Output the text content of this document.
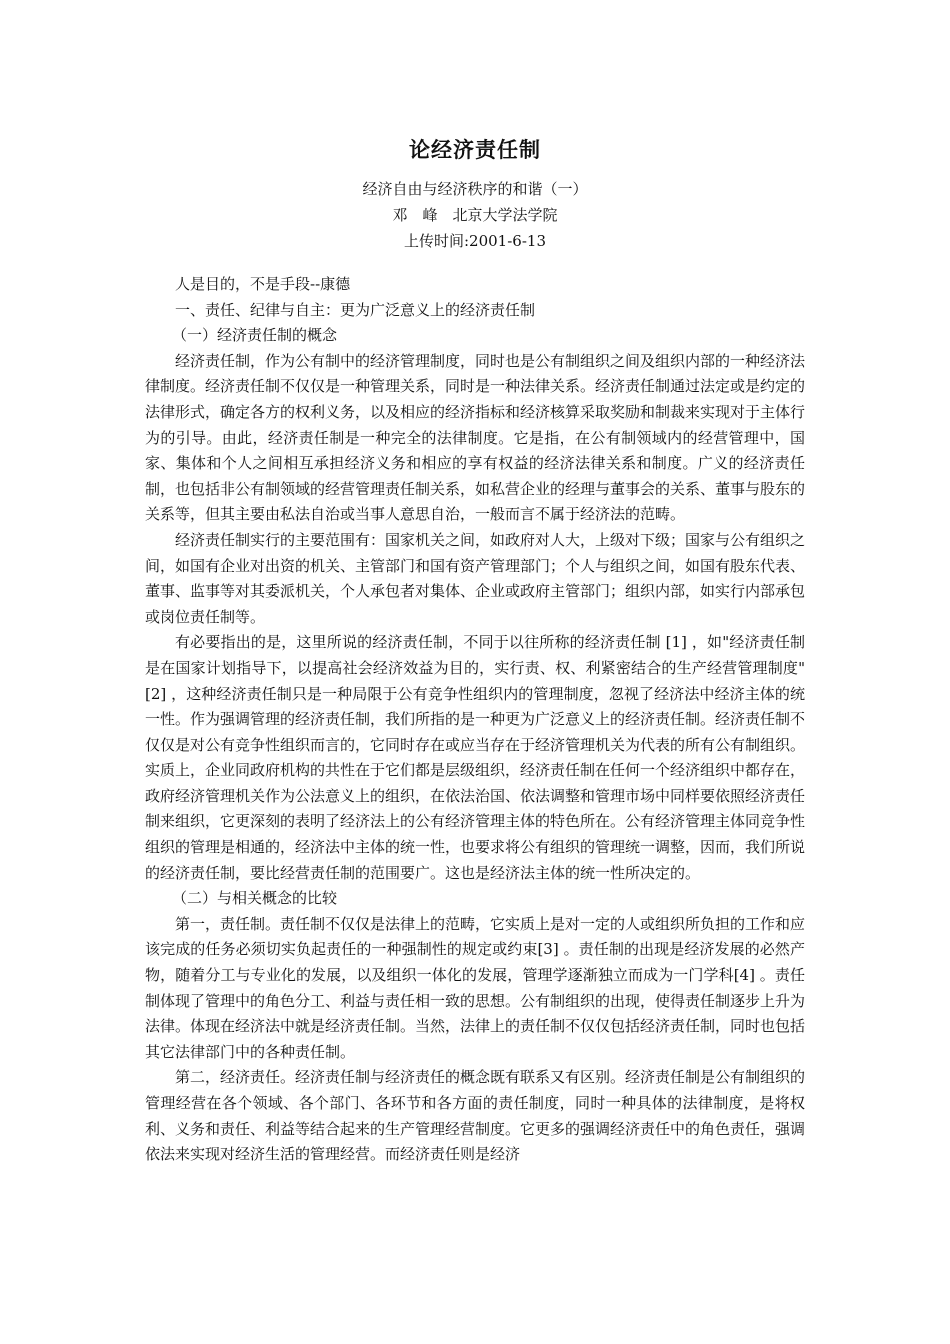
论经济责任制
经济自由与经济秩序的和谐（一）
邓　峰　北京大学法学院
上传时间:2001-6-13

人是目的，不是手段--康德

一、责任、纪律与自主：更为广泛意义上的经济责任制

（一）经济责任制的概念

经济责任制，作为公有制中的经济管理制度，同时也是公有制组织之间及组织内部的一种经济法律制度。经济责任制不仅仅是一种管理关系，同时是一种法律关系。经济责任制通过法定或是约定的法律形式，确定各方的权利义务，以及相应的经济指标和经济核算采取奖励和制裁来实现对于主体行为的引导。由此，经济责任制是一种完全的法律制度。它是指，在公有制领域内的经营管理中，国家、集体和个人之间相互承担经济义务和相应的享有权益的经济法律关系和制度。广义的经济责任制，也包括非公有制领域的经营管理责任制关系，如私营企业的经理与董事会的关系、董事与股东的关系等，但其主要由私法自治或当事人意思自治，一般而言不属于经济法的范畴。

经济责任制实行的主要范围有：国家机关之间，如政府对人大，上级对下级；国家与公有组织之间，如国有企业对出资的机关、主管部门和国有资产管理部门；个人与组织之间，如国有股东代表、董事、监事等对其委派机关，个人承包者对集体、企业或政府主管部门；组织内部，如实行内部承包或岗位责任制等。

有必要指出的是，这里所说的经济责任制，不同于以往所称的经济责任制 [1] ，如"经济责任制是在国家计划指导下，以提高社会经济效益为目的，实行责、权、利紧密结合的生产经营管理制度"[2] ，这种经济责任制只是一种局限于公有竞争性组织内的管理制度，忽视了经济法中经济主体的统一性。作为强调管理的经济责任制，我们所指的是一种更为广泛意义上的经济责任制。经济责任制不仅仅是对公有竞争性组织而言的，它同时存在或应当存在于经济管理机关为代表的所有公有制组织。实质上，企业同政府机构的共性在于它们都是层级组织，经济责任制在任何一个经济组织中都存在，政府经济管理机关作为公法意义上的组织，在依法治国、依法调整和管理市场中同样要依照经济责任制来组织，它更深刻的表明了经济法上的公有经济管理主体的特色所在。公有经济管理主体同竞争性组织的管理是相通的，经济法中主体的统一性，也要求将公有组织的管理统一调整，因而，我们所说的经济责任制，要比经营责任制的范围要广。这也是经济法主体的统一性所决定的。

（二）与相关概念的比较

第一，责任制。责任制不仅仅是法律上的范畴，它实质上是对一定的人或组织所负担的工作和应该完成的任务必须切实负起责任的一种强制性的规定或约束[3] 。责任制的出现是经济发展的必然产物，随着分工与专业化的发展，以及组织一体化的发展，管理学逐渐独立而成为一门学科[4] 。责任制体现了管理中的角色分工、利益与责任相一致的思想。公有制组织的出现，使得责任制逐步上升为法律。体现在经济法中就是经济责任制。当然，法律上的责任制不仅仅包括经济责任制，同时也包括其它法律部门中的各种责任制。

第二，经济责任。经济责任制与经济责任的概念既有联系又有区别。经济责任制是公有制组织的管理经营在各个领域、各个部门、各环节和各方面的责任制度，同时一种具体的法律制度，是将权利、义务和责任、利益等结合起来的生产管理经营制度。它更多的强调经济责任中的角色责任，强调依法来实现对经济生活的管理经营。而经济责任则是经济
